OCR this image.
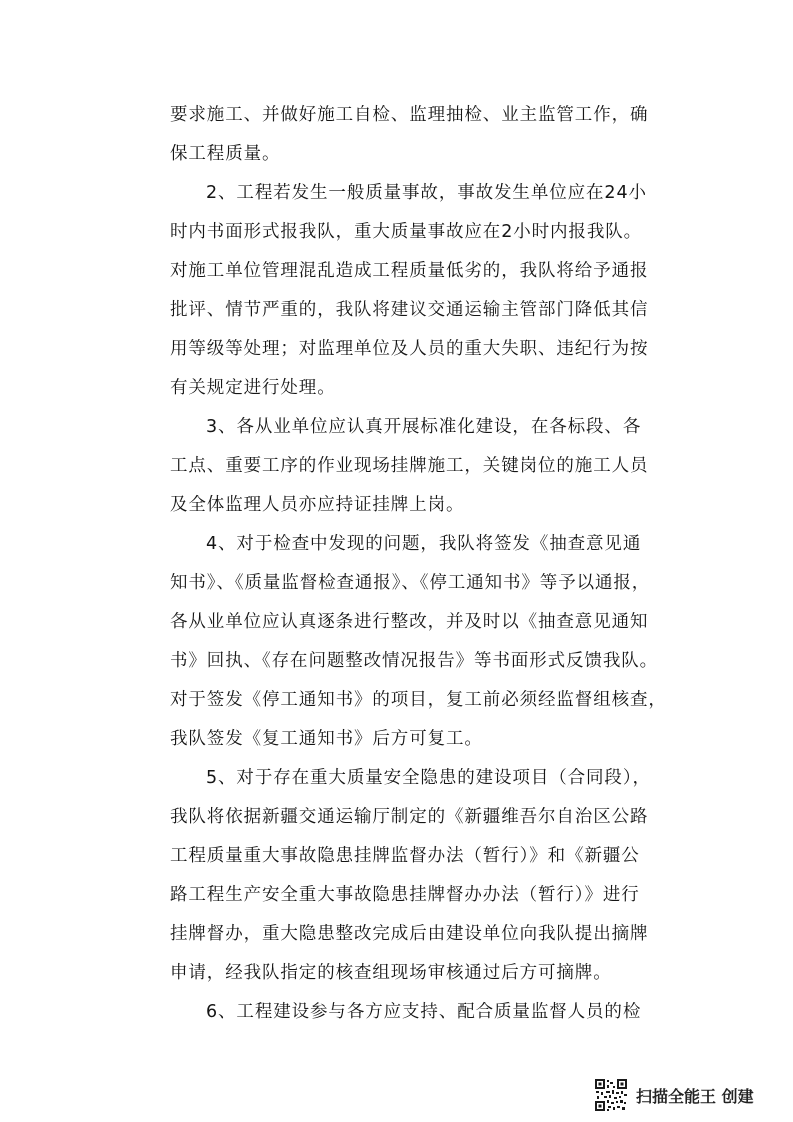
要求施工、并做好施工自检、监理抽检、业主监管工作，确
保工程质量。
2、工程若发生一般质量事故，事故发生单位应在24小
时内书面形式报我队，重大质量事故应在2小时内报我队。
对施工单位管理混乱造成工程质量低劣的，我队将给予通报
批评、情节严重的，我队将建议交通运输主管部门降低其信
用等级等处理；对监理单位及人员的重大失职、违纪行为按
有关规定进行处理。
3、各从业单位应认真开展标准化建设，在各标段、各
工点、重要工序的作业现场挂牌施工，关键岗位的施工人员
及全体监理人员亦应持证挂牌上岗。
4、对于检查中发现的问题，我队将签发《抽查意见通
知书》、《质量监督检查通报》、《停工通知书》等予以通报，
各从业单位应认真逐条进行整改，并及时以《抽查意见通知
书》回执、《存在问题整改情况报告》等书面形式反馈我队。
对于签发《停工通知书》的项目，复工前必须经监督组核查，
我队签发《复工通知书》后方可复工。
5、对于存在重大质量安全隐患的建设项目（合同段），
我队将依据新疆交通运输厅制定的《新疆维吾尔自治区公路
工程质量重大事故隐患挂牌监督办法（暂行）》和《新疆公
路工程生产安全重大事故隐患挂牌督办办法（暂行）》进行
挂牌督办，重大隐患整改完成后由建设单位向我队提出摘牌
申请，经我队指定的核查组现场审核通过后方可摘牌。
6、工程建设参与各方应支持、配合质量监督人员的检
扫描全能王 创建
